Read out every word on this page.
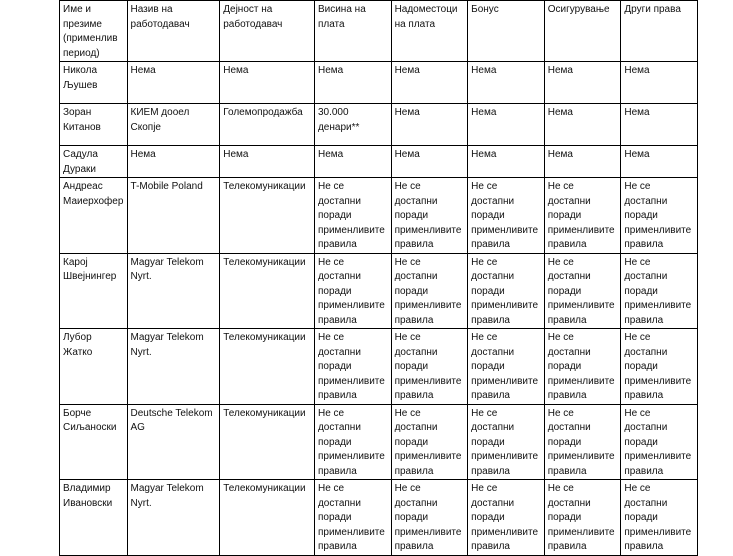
Име и презиме (применлив период)	Назив на работодавач	Дејност на работодавач	Висина на плата	Надоместоци на плата	Бонус	Осигурување	Други права
Никола Љушев	Нема	Нема	Нема	Нема	Нема	Нема	Нема
Зоран Китанов	КИЕМ доoел Скопје	Големопродажба	30.000 денари**	Нема	Нема	Нема	Нема
Садула Дураки	Нема	Нема	Нема	Нема	Нема	Нема	Нема
Андреас Маиерхофер	T-Mobile Poland	Телекомуникации	Не се достапни поради применливите правила	Не се достапни поради применливите правила	Не се достапни поради применливите правила	Не се достапни поради применливите правила	Не се достапни поради применливите правила
Карој Швејнингер	Magyar Telekom Nyrt.	Телекомуникации	Не се достапни поради применливите правила	Не се достапни поради применливите правила	Не се достапни поради применливите правила	Не се достапни поради применливите правила	Не се достапни поради применливите правила
Лубор Жатко	Magyar Telekom Nyrt.	Телекомуникации	Не се достапни поради применливите правила	Не се достапни поради применливите правила	Не се достапни поради применливите правила	Не се достапни поради применливите правила	Не се достапни поради применливите правила
Борче Сиљаноски	Deutsche Telekom AG	Телекомуникации	Не се достапни поради применливите правила	Не се достапни поради применливите правила	Не се достапни поради применливите правила	Не се достапни поради применливите правила	Не се достапни поради применливите правила
Владимир Ивановски	Magyar Telekom Nyrt.	Телекомуникации	Не се достапни поради применливите правила	Не се достапни поради применливите правила	Не се достапни поради применливите правила	Не се достапни поради применливите правила	Не се достапни поради применливите правила
